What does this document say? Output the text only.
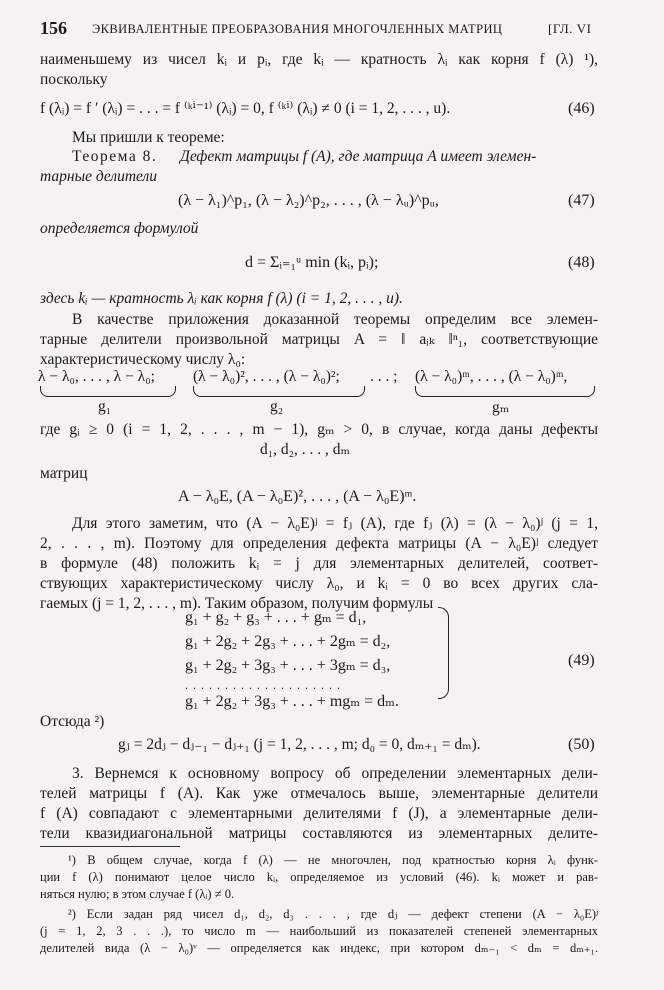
156 ЭКВИВАЛЕНТНЫЕ ПРЕОБРАЗОВАНИЯ МНОГОЧЛЕННЫХ МАТРИЦ	[ГЛ. VI
наименьшему из чисел kᵢ и pᵢ, где kᵢ — кратность λᵢ как корня f (λ) ¹),
поскольку
f (λᵢ) = f ′ (λᵢ) = . . . = f ⁽ᵏⁱ⁻¹⁾ (λᵢ) = 0, f ⁽ᵏⁱ⁾ (λᵢ) ≠ 0 (i = 1, 2, . . . , u).	(46)
Мы пришли к теореме:
Теорема 8. Дефект матрицы f (A), где матрица A имеет элемен-
тарные делители
(λ − λ₁)^p₁, (λ − λ₂)^p₂, . . . , (λ − λᵤ)^pᵤ,	(47)
определяется формулой
d = Σᵢ₌₁ᵘ min (kᵢ, pᵢ);	(48)
здесь kᵢ — кратность λᵢ как корня f (λ) (i = 1, 2, . . . , u).
В качестве приложения доказанной теоремы определим все элемен-
тарные делители произвольной матрицы A = ‖ aᵢₖ ‖ⁿ₁, соответствующие
характеристическому числу λ₀:
λ − λ₀, . . . , λ − λ₀; (λ − λ₀)², . . . , (λ − λ₀)²; . . . ; (λ − λ₀)ᵐ, . . . , (λ − λ₀)ᵐ,
g₁	g₂	gₘ
где gᵢ ≥ 0 (i = 1, 2, . . . , m − 1), gₘ > 0, в случае, когда даны дефекты
d₁, d₂, . . . , dₘ
матриц
A − λ₀E, (A − λ₀E)², . . . , (A − λ₀E)ᵐ.
Для этого заметим, что (A − λ₀E)ʲ = fⱼ (A), где fⱼ (λ) = (λ − λ₀)ʲ (j = 1,
2, . . . , m). Поэтому для определения дефекта матрицы (A − λ₀E)ʲ следует
в формуле (48) положить kᵢ = j для элементарных делителей, соответ-
ствующих характеристическому числу λ₀, и kᵢ = 0 во всех других сла-
гаемых (j = 1, 2, . . . , m). Таким образом, получим формулы
g₁ + g₂ + g₃ + . . . + gₘ = d₁,
g₁ + 2g₂ + 2g₃ + . . . + 2gₘ = d₂,
g₁ + 2g₂ + 3g₃ + . . . + 3gₘ = d₃,
. . . . . . . . . . . . . . . . . . . .
g₁ + 2g₂ + 3g₃ + . . . + mgₘ = dₘ.
(49)
Отсюда ²)
gⱼ = 2dⱼ − dⱼ₋₁ − dⱼ₊₁ (j = 1, 2, . . . , m; d₀ = 0, dₘ₊₁ = dₘ).	(50)
3. Вернемся к основному вопросу об определении элементарных дели-
телей матрицы f (A). Как уже отмечалось выше, элементарные делители
f (A) совпадают с элементарными делителями f (J), а элементарные дели-
тели квазидиагональной матрицы составляются из элементарных делите-
¹) В общем случае, когда f (λ) — не многочлен, под кратностью корня λᵢ функ-
ции f (λ) понимают целое число kᵢ, определяемое из условий (46). kᵢ может и рав-
няться нулю; в этом случае f (λᵢ) ≠ 0.
²) Если задан ряд чисел d₁, d₂, d₃ . . . , где dⱼ — дефект степени (A − λ₀E)ʲ
(j = 1, 2, 3 . . .), то число m — наибольший из показателей степеней элементарных
делителей вида (λ − λ₀)ᵛ — определяется как индекс, при котором dₘ₋₁ < dₘ = dₘ₊₁.
